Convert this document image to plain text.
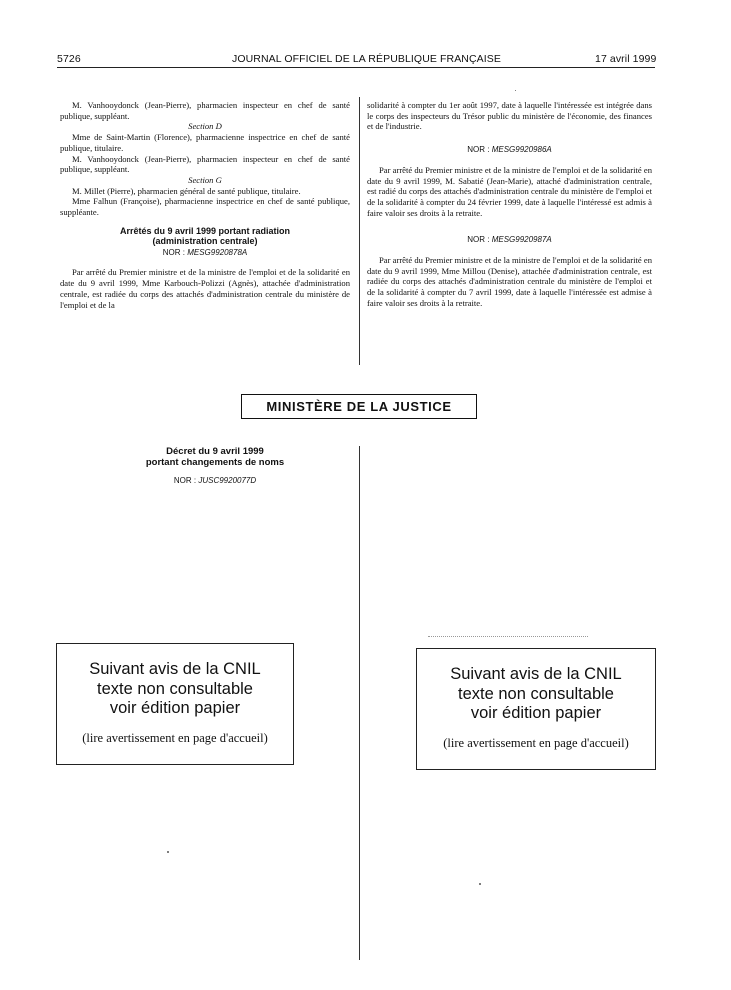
5726	JOURNAL OFFICIEL DE LA RÉPUBLIQUE FRANÇAISE	17 avril 1999

M. Vanhooydonck (Jean-Pierre), pharmacien inspecteur en chef de santé publique, suppléant.

Section D

Mme de Saint-Martin (Florence), pharmacienne inspectrice en chef de santé publique, titulaire.

M. Vanhooydonck (Jean-Pierre), pharmacien inspecteur en chef de santé publique, suppléant.

Section G

M. Millet (Pierre), pharmacien général de santé publique, titulaire.

Mme Falhun (Françoise), pharmacienne inspectrice en chef de santé publique, suppléante.

Arrêtés du 9 avril 1999 portant radiation
(administration centrale)
NOR : MESG9920878A

Par arrêté du Premier ministre et de la ministre de l'emploi et de la solidarité en date du 9 avril 1999, Mme Karbouch-Polizzi (Agnès), attachée d'administration centrale, est radiée du corps des attachés d'administration centrale du ministère de l'emploi et de la

solidarité à compter du 1er août 1997, date à laquelle l'intéressée est intégrée dans le corps des inspecteurs du Trésor public du ministère de l'économie, des finances et de l'industrie.

NOR : MESG9920986A

Par arrêté du Premier ministre et de la ministre de l'emploi et de la solidarité en date du 9 avril 1999, M. Sabatié (Jean-Marie), attaché d'administration centrale, est radié du corps des attachés d'administration centrale du ministère de l'emploi et de la solidarité à compter du 24 février 1999, date à laquelle l'intéressé est admis à faire valoir ses droits à la retraite.

NOR : MESG9920987A

Par arrêté du Premier ministre et de la ministre de l'emploi et de la solidarité en date du 9 avril 1999, Mme Millou (Denise), attachée d'administration centrale, est radiée du corps des attachés d'administration centrale du ministère de l'emploi et de la solidarité à compter du 7 avril 1999, date à laquelle l'intéressée est admise à faire valoir ses droits à la retraite.

MINISTÈRE DE LA JUSTICE
Décret du 9 avril 1999
portant changements de noms
NOR : JUSC9920077D
Suivant avis de la CNIL
texte non consultable
voir édition papier
(lire avertissement en page d'accueil)
Suivant avis de la CNIL
texte non consultable
voir édition papier
(lire avertissement en page d'accueil)
